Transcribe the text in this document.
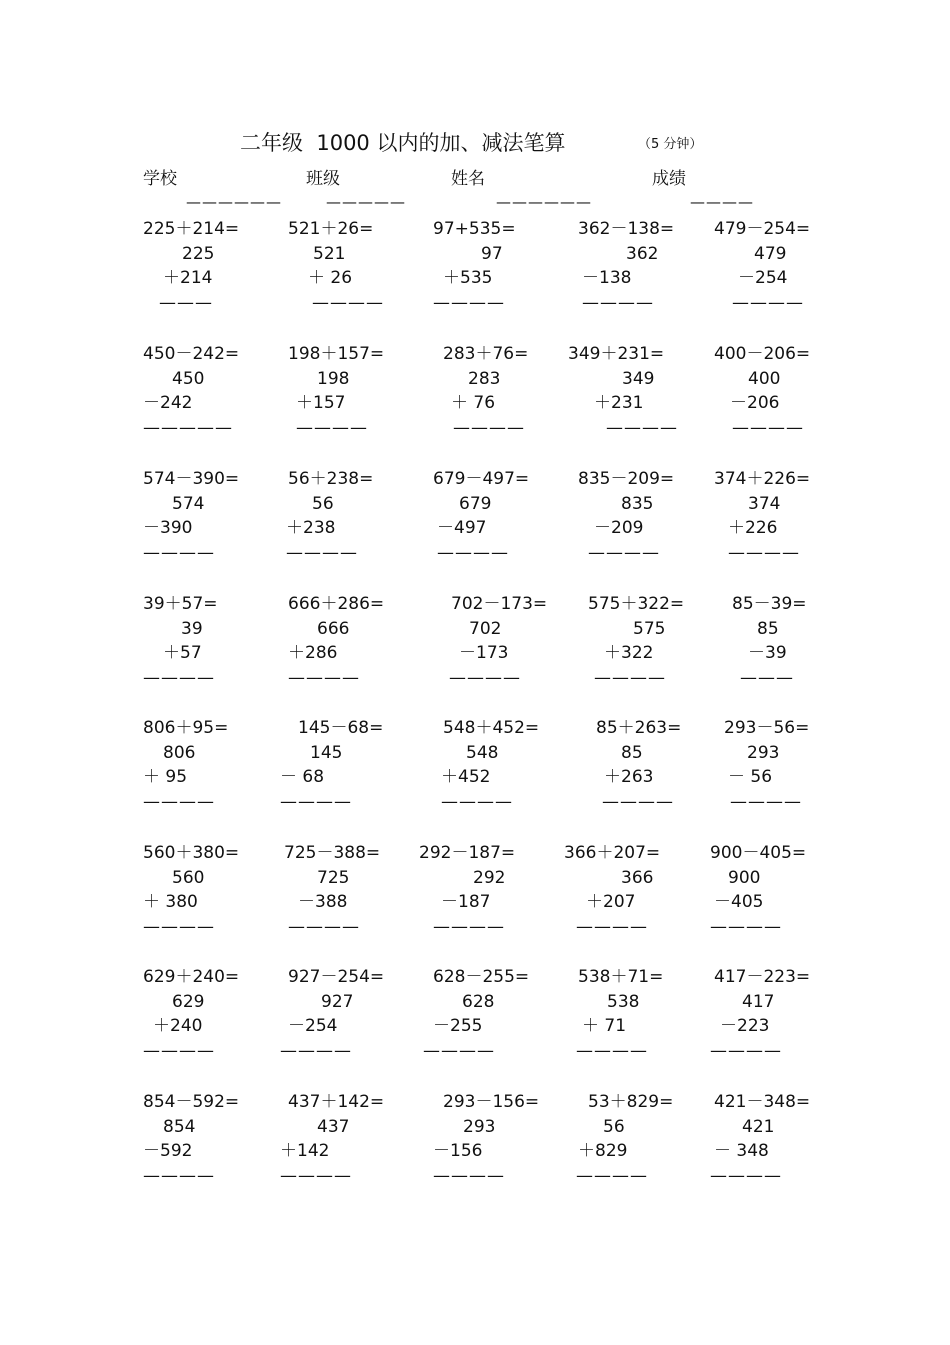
二年级  1000 以内的加、减法笔算	（5 分钟）
学校	班级	姓名	成绩
——————	—————	——————	————
225＋214=
225
＋214
———
521＋26=
521
＋ 26
————
97+535=
97
＋535
————
362－138=
362
－138
————
479－254=
479
－254
————
450－242=
450
－242
—————
198＋157=
198
＋157
————
283＋76=
283
＋ 76
————
349＋231=
349
＋231
————
400－206=
400
－206
————
574－390=
574
－390
————
56＋238=
56
＋238
————
679－497=
679
－497
————
835－209=
835
－209
————
374＋226=
374
＋226
————
39＋57=
39
＋57
————
666＋286=
666
＋286
————
702－173=
702
－173
————
575＋322=
575
＋322
————
85－39=
85
－39
———
806＋95=
806
＋ 95
————
145－68=
145
－ 68
————
548＋452=
548
＋452
————
85＋263=
85
＋263
————
293－56=
293
－ 56
————
560＋380=
560
＋ 380
————
725－388=
725
－388
————
292－187=
292
－187
————
366＋207=
366
＋207
————
900－405=
900
－405
————
629＋240=
629
＋240
————
927－254=
927
－254
————
628－255=
628
－255
————
538＋71=
538
＋ 71
————
417－223=
417
－223
————
854－592=
854
－592
————
437＋142=
437
＋142
————
293－156=
293
－156
————
53＋829=
56
＋829
————
421－348=
421
－ 348
————
